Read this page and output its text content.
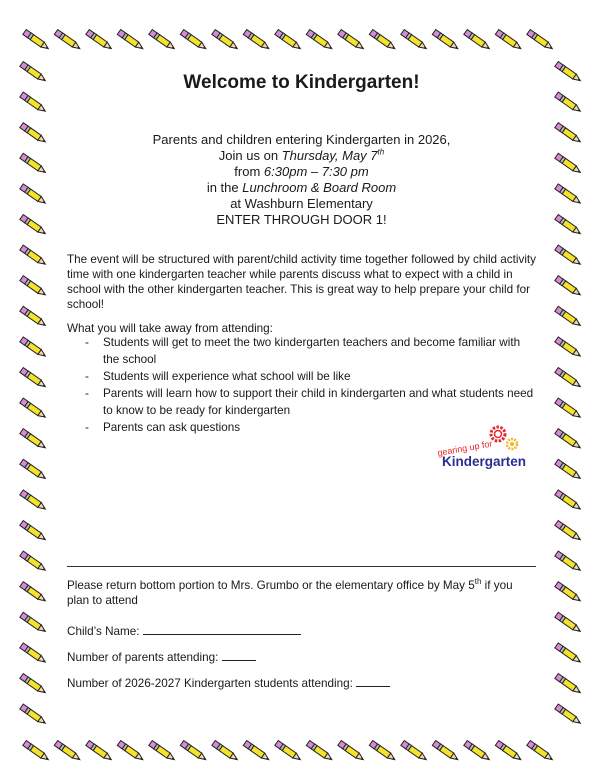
Welcome to Kindergarten!
Parents and children entering Kindergarten in 2026,
Join us on Thursday, May 7th
from 6:30pm – 7:30 pm
in the Lunchroom & Board Room
at Washburn Elementary
ENTER THROUGH DOOR 1!
The event will be structured with parent/child activity time together followed by child activity time with one kindergarten teacher while parents discuss what to expect with a child in school with the other kindergarten teacher. This is great way to help prepare your child for school!
What you will take away from attending:
- Students will get to meet the two kindergarten teachers and become familiar with the school
- Students will experience what school will be like
- Parents will learn how to support their child in kindergarten and what students need to know to be ready for kindergarten
- Parents can ask questions
gearing up for
Kindergarten
Please return bottom portion to Mrs. Grumbo or the elementary office by May 5th if you plan to attend
Child’s Name:
Number of parents attending:
Number of 2026-2027 Kindergarten students attending:
